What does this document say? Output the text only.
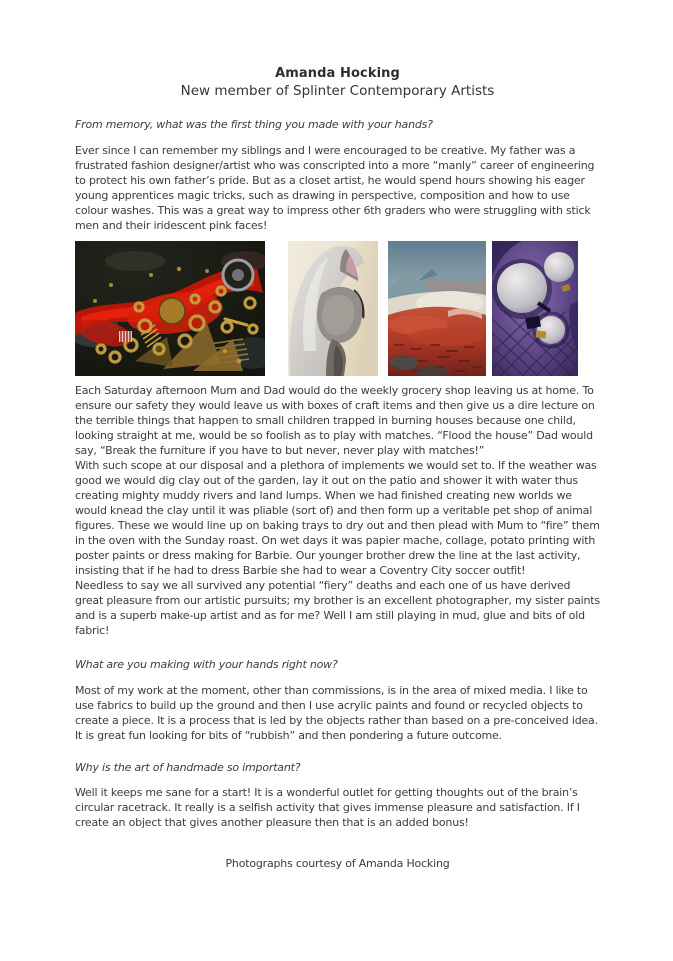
Amanda Hocking
New member of Splinter Contemporary Artists

From memory, what was the first thing you made with your hands?

Ever since I can remember my siblings and I were encouraged to be creative. My father was a frustrated fashion designer/artist who was conscripted into a more “manly” career of engineering to protect his own father’s pride. But as a closet artist, he would spend hours showing his eager young apprentices magic tricks, such as drawing in perspective, composition and how to use colour washes. This was a great way to impress other 6th graders who were struggling with stick men and their iridescent pink faces!

Each Saturday afternoon Mum and Dad would do the weekly grocery shop leaving us at home. To ensure our safety they would leave us with boxes of craft items and then give us a dire lecture on the terrible things that happen to small children trapped in burning houses because one child, looking straight at me, would be so foolish as to play with matches. “Flood the house” Dad would say, “Break the furniture if you have to but never, never play with matches!”

With such scope at our disposal and a plethora of implements we would set to. If the weather was good we would dig clay out of the garden, lay it out on the patio and shower it with water thus creating mighty muddy rivers and land lumps. When we had finished creating new worlds we would knead the clay until it was pliable (sort of) and then form up a veritable pet shop of animal figures. These we would line up on baking trays to dry out and then plead with Mum to “fire” them in the oven with the Sunday roast. On wet days it was papier mache, collage, potato printing with poster paints or dress making for Barbie. Our younger brother drew the line at the last activity, insisting that if he had to dress Barbie she had to wear a Coventry City soccer outfit!

Needless to say we all survived any potential “fiery” deaths and each one of us have derived great pleasure from our artistic pursuits; my brother is an excellent photographer, my sister paints and is a superb make-up artist and as for me? Well I am still playing in mud, glue and bits of old fabric!

What are you making with your hands right now?

Most of my work at the moment, other than commissions, is in the area of mixed media. I like to use fabrics to build up the ground and then I use acrylic paints and found or recycled objects to create a piece. It is a process that is led by the objects rather than based on a pre-conceived idea. It is great fun looking for bits of “rubbish” and then pondering a future outcome.

Why is the art of handmade so important?

Well it keeps me sane for a start! It is a wonderful outlet for getting thoughts out of the brain’s circular racetrack. It really is a selfish activity that gives immense pleasure and satisfaction. If I create an object that gives another pleasure then that is an added bonus!

Photographs courtesy of Amanda Hocking
